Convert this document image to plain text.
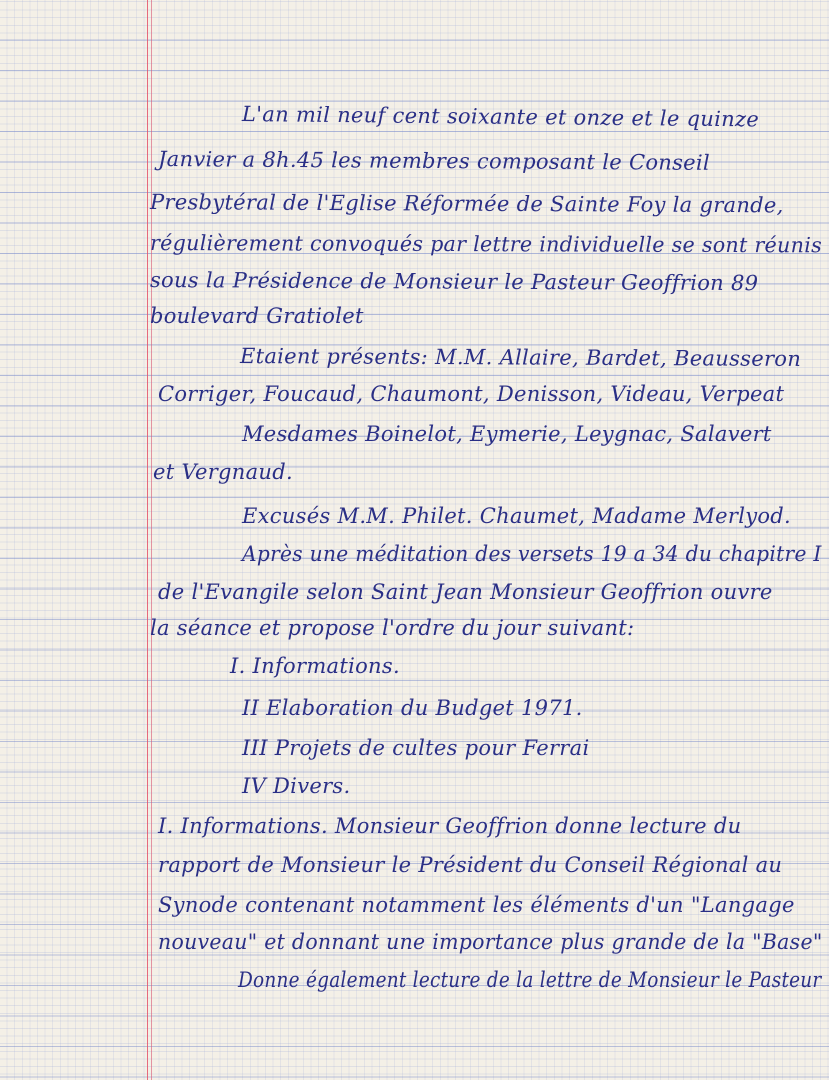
L'an mil neuf cent soixante et onze et le quinze
Janvier a 8h.45 les membres composant le Conseil
Presbytéral de l'Eglise Réformée de Sainte Foy la grande,
régulièrement convoqués par lettre individuelle se sont réunis
sous la Présidence de Monsieur le Pasteur Geoffrion 89
boulevard Gratiolet
Etaient présents: M.M. Allaire, Bardet, Beausseron
Corriger, Foucaud, Chaumont, Denisson, Videau, Verpeat
Mesdames Boinelot, Eymerie, Leygnac, Salavert
et Vergnaud.
Excusés M.M. Philet. Chaumet, Madame Merlyod.
Après une méditation des versets 19 a 34 du chapitre I
de l'Evangile selon Saint Jean Monsieur Geoffrion ouvre
la séance et propose l'ordre du jour suivant:
I. Informations.
II Elaboration du Budget 1971.
III Projets de cultes pour Ferrai
IV Divers.
I. Informations. Monsieur Geoffrion donne lecture du
rapport de Monsieur le Président du Conseil Régional au
Synode contenant notamment les éléments d'un "Langage
nouveau" et donnant une importance plus grande de la "Base"
Donne également lecture de la lettre de Monsieur le Pasteur
